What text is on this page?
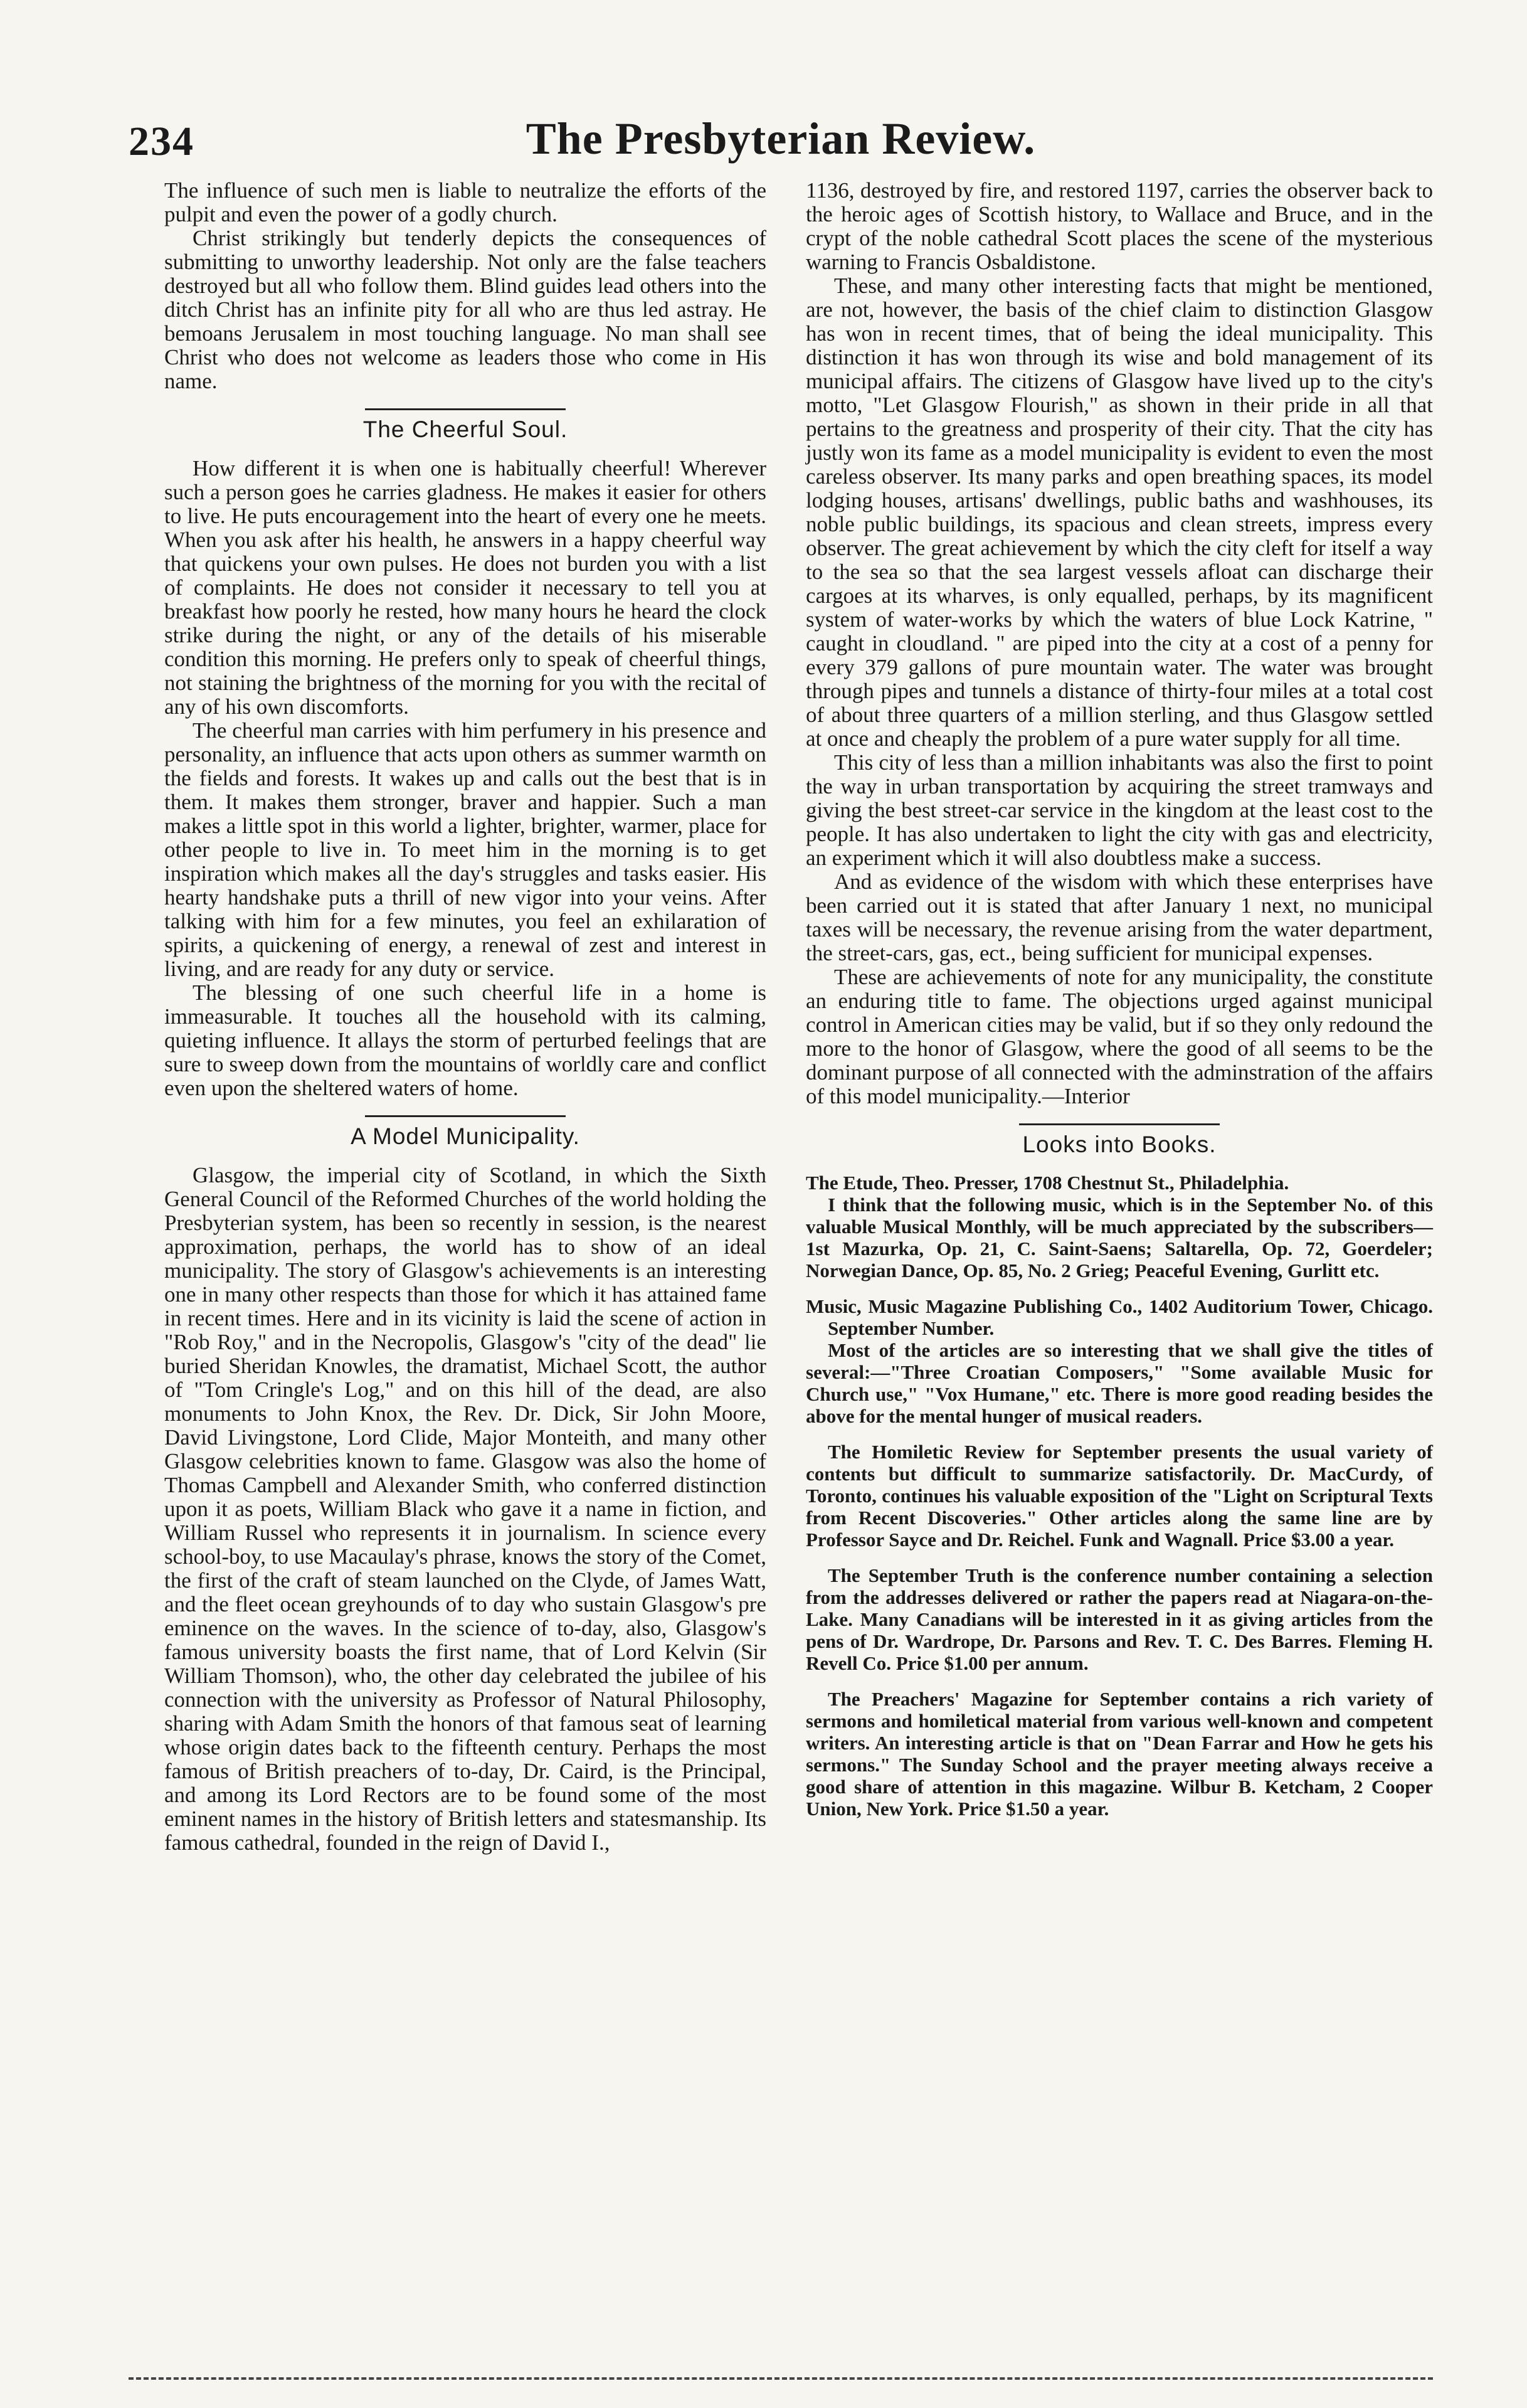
234	The Presbyterian Review.

The influence of such men is liable to neutralize the efforts of the pulpit and even the power of a godly church.

Christ strikingly but tenderly depicts the consequences of submitting to unworthy leadership. Not only are the false teachers destroyed but all who follow them. Blind guides lead others into the ditch Christ has an infinite pity for all who are thus led astray. He bemoans Jerusalem in most touching language. No man shall see Christ who does not welcome as leaders those who come in His name.

The Cheerful Soul.

How different it is when one is habitually cheerful! Wherever such a person goes he carries gladness. He makes it easier for others to live. He puts encouragement into the heart of every one he meets. When you ask after his health, he answers in a happy cheerful way that quickens your own pulses. He does not burden you with a list of complaints. He does not consider it necessary to tell you at breakfast how poorly he rested, how many hours he heard the clock strike during the night, or any of the details of his miserable condition this morning. He prefers only to speak of cheerful things, not staining the brightness of the morning for you with the recital of any of his own discomforts.

The cheerful man carries with him perfumery in his presence and personality, an influence that acts upon others as summer warmth on the fields and forests. It wakes up and calls out the best that is in them. It makes them stronger, braver and happier. Such a man makes a little spot in this world a lighter, brighter, warmer, place for other people to live in. To meet him in the morning is to get inspiration which makes all the day's struggles and tasks easier. His hearty handshake puts a thrill of new vigor into your veins. After talking with him for a few minutes, you feel an exhilaration of spirits, a quickening of energy, a renewal of zest and interest in living, and are ready for any duty or service.

The blessing of one such cheerful life in a home is immeasurable. It touches all the household with its calming, quieting influence. It allays the storm of perturbed feelings that are sure to sweep down from the mountains of worldly care and conflict even upon the sheltered waters of home.

A Model Municipality.

Glasgow, the imperial city of Scotland, in which the Sixth General Council of the Reformed Churches of the world holding the Presbyterian system, has been so recently in session, is the nearest approximation, perhaps, the world has to show of an ideal municipality. The story of Glasgow's achievements is an interesting one in many other respects than those for which it has attained fame in recent times. Here and in its vicinity is laid the scene of action in "Rob Roy," and in the Necropolis, Glasgow's "city of the dead" lie buried Sheridan Knowles, the dramatist, Michael Scott, the author of "Tom Cringle's Log," and on this hill of the dead, are also monuments to John Knox, the Rev. Dr. Dick, Sir John Moore, David Livingstone, Lord Clide, Major Monteith, and many other Glasgow celebrities known to fame. Glasgow was also the home of Thomas Campbell and Alexander Smith, who conferred distinction upon it as poets, William Black who gave it a name in fiction, and William Russel who represents it in journalism. In science every school-boy, to use Macaulay's phrase, knows the story of the Comet, the first of the craft of steam launched on the Clyde, of James Watt, and the fleet ocean greyhounds of to day who sustain Glasgow's pre eminence on the waves. In the science of to-day, also, Glasgow's famous university boasts the first name, that of Lord Kelvin (Sir William Thomson), who, the other day celebrated the jubilee of his connection with the university as Professor of Natural Philosophy, sharing with Adam Smith the honors of that famous seat of learning whose origin dates back to the fifteenth century. Perhaps the most famous of British preachers of to-day, Dr. Caird, is the Principal, and among its Lord Rectors are to be found some of the most eminent names in the history of British letters and statesmanship. Its famous cathedral, founded in the reign of David I.,

1136, destroyed by fire, and restored 1197, carries the observer back to the heroic ages of Scottish history, to Wallace and Bruce, and in the crypt of the noble cathedral Scott places the scene of the mysterious warning to Francis Osbaldistone.

These, and many other interesting facts that might be mentioned, are not, however, the basis of the chief claim to distinction Glasgow has won in recent times, that of being the ideal municipality. This distinction it has won through its wise and bold management of its municipal affairs. The citizens of Glasgow have lived up to the city's motto, "Let Glasgow Flourish," as shown in their pride in all that pertains to the greatness and prosperity of their city. That the city has justly won its fame as a model municipality is evident to even the most careless observer. Its many parks and open breathing spaces, its model lodging houses, artisans' dwellings, public baths and washhouses, its noble public buildings, its spacious and clean streets, impress every observer. The great achievement by which the city cleft for itself a way to the sea so that the sea largest vessels afloat can discharge their cargoes at its wharves, is only equalled, perhaps, by its magnificent system of water-works by which the waters of blue Lock Katrine, " caught in cloudland. " are piped into the city at a cost of a penny for every 379 gallons of pure mountain water. The water was brought through pipes and tunnels a distance of thirty-four miles at a total cost of about three quarters of a million sterling, and thus Glasgow settled at once and cheaply the problem of a pure water supply for all time.

This city of less than a million inhabitants was also the first to point the way in urban transportation by acquiring the street tramways and giving the best street-car service in the kingdom at the least cost to the people. It has also undertaken to light the city with gas and electricity, an experiment which it will also doubtless make a success.

And as evidence of the wisdom with which these enterprises have been carried out it is stated that after January 1 next, no municipal taxes will be necessary, the revenue arising from the water department, the street-cars, gas, ect., being sufficient for municipal expenses.

These are achievements of note for any municipality, the constitute an enduring title to fame. The objections urged against municipal control in American cities may be valid, but if so they only redound the more to the honor of Glasgow, where the good of all seems to be the dominant purpose of all connected with the adminstration of the affairs of this model municipality.—Interior

Looks into Books.

The Etude, Theo. Presser, 1708 Chestnut St., Philadelphia.

I think that the following music, which is in the September No. of this valuable Musical Monthly, will be much appreciated by the subscribers—1st Mazurka, Op. 21, C. Saint-Saens; Saltarella, Op. 72, Goerdeler; Norwegian Dance, Op. 85, No. 2 Grieg; Peaceful Evening, Gurlitt etc.

Music, Music Magazine Publishing Co., 1402 Auditorium Tower, Chicago. September Number.

Most of the articles are so interesting that we shall give the titles of several:—"Three Croatian Composers," "Some available Music for Church use," "Vox Humane," etc. There is more good reading besides the above for the mental hunger of musical readers.

The Homiletic Review for September presents the usual variety of contents but difficult to summarize satisfactorily. Dr. MacCurdy, of Toronto, continues his valuable exposition of the "Light on Scriptural Texts from Recent Discoveries." Other articles along the same line are by Professor Sayce and Dr. Reichel. Funk and Wagnall. Price $3.00 a year.

The September Truth is the conference number containing a selection from the addresses delivered or rather the papers read at Niagara-on-the-Lake. Many Canadians will be interested in it as giving articles from the pens of Dr. Wardrope, Dr. Parsons and Rev. T. C. Des Barres. Fleming H. Revell Co. Price $1.00 per annum.

The Preachers' Magazine for September contains a rich variety of sermons and homiletical material from various well-known and competent writers. An interesting article is that on "Dean Farrar and How he gets his sermons." The Sunday School and the prayer meeting always receive a good share of attention in this magazine. Wilbur B. Ketcham, 2 Cooper Union, New York. Price $1.50 a year.
